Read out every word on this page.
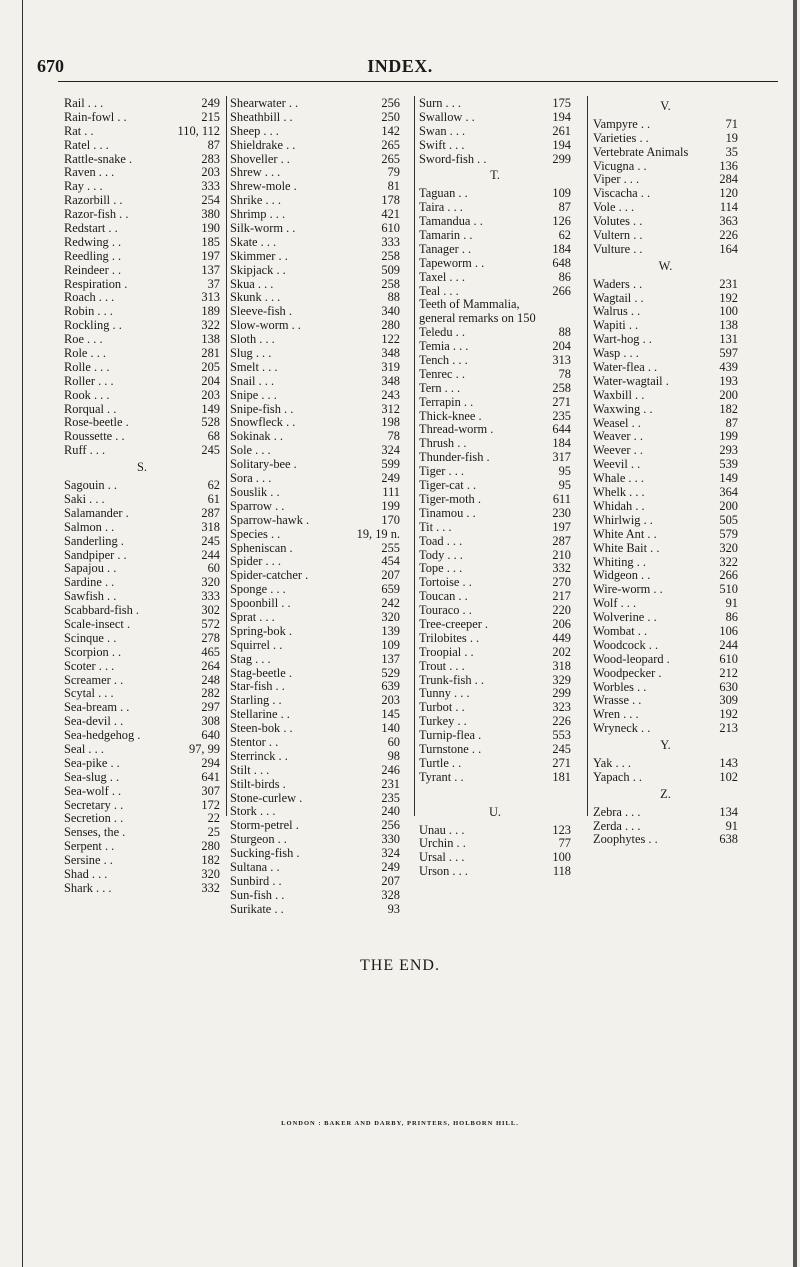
670	INDEX.
Rail . . .	249
Rain-fowl . .	215
Rat . .	110, 112
Ratel . . .	87
Rattle-snake .	283
Raven . . .	203
Ray . . .	333
Razorbill . .	254
Razor-fish . .	380
Redstart . .	190
Redwing . .	185
Reedling . .	197
Reindeer . .	137
Respiration .	37
Roach . . .	313
Robin . . .	189
Rockling . .	322
Roe . . .	138
Role . . .	281
Rolle . . .	205
Roller . . .	204
Rook . . .	203
Rorqual . .	149
Rose-beetle .	528
Roussette . .	68
Ruff . . .	245
S.
Sagouin . .	62
Saki . . .	61
Salamander .	287
Salmon . .	318
Sanderling .	245
Sandpiper . .	244
Sapajou . .	60
Sardine . .	320
Sawfish . .	333
Scabbard-fish .	302
Scale-insect .	572
Scinque . .	278
Scorpion . .	465
Scoter . . .	264
Screamer . .	248
Scytal . . .	282
Sea-bream . .	297
Sea-devil . .	308
Sea-hedgehog .	640
Seal . . .	97, 99
Sea-pike . .	294
Sea-slug . .	641
Sea-wolf . .	307
Secretary . .	172
Secretion . .	22
Senses, the .	25
Serpent . .	280
Sersine . .	182
Shad . . .	320
Shark . . .	332
Shearwater . .	256
Sheathbill . .	250
Sheep . . .	142
Shieldrake . .	265
Shoveller . .	265
Shrew . . .	79
Shrew-mole .	81
Shrike . . .	178
Shrimp . . .	421
Silk-worm . .	610
Skate . . .	333
Skimmer . .	258
Skipjack . .	509
Skua . . .	258
Skunk . . .	88
Sleeve-fish .	340
Slow-worm . .	280
Sloth . . .	122
Slug . . .	348
Smelt . . .	319
Snail . . .	348
Snipe . . .	243
Snipe-fish . .	312
Snowfleck . .	198
Sokinak . .	78
Sole . . .	324
Solitary-bee .	599
Sora . . .	249
Souslik . .	111
Sparrow . .	199
Sparrow-hawk .	170
Species . .	19, 19 n.
Spheniscan .	255
Spider . . .	454
Spider-catcher .	207
Sponge . . .	659
Spoonbill . .	242
Sprat . . .	320
Spring-bok .	139
Squirrel . .	109
Stag . . .	137
Stag-beetle .	529
Star-fish . .	639
Starling . .	203
Stellarine . .	145
Steen-bok . .	140
Stentor . .	60
Sterrinck . .	98
Stilt . . .	246
Stilt-birds .	231
Stone-curlew .	235
Stork . . .	240
Storm-petrel .	256
Sturgeon . .	330
Sucking-fish .	324
Sultana . .	249
Sunbird . .	207
Sun-fish . .	328
Surikate . .	93
Surn . . .	175
Swallow . .	194
Swan . . .	261
Swift . . .	194
Sword-fish . .	299
T.
Taguan . .	109
Taira . . .	87
Tamandua . .	126
Tamarin . .	62
Tanager . .	184
Tapeworm . .	648
Taxel . . .	86
Teal . . .	266
Teeth of Mammalia,
general remarks on 150
Teledu . .	88
Temia . . .	204
Tench . . .	313
Tenrec . .	78
Tern . . .	258
Terrapin . .	271
Thick-knee .	235
Thread-worm .	644
Thrush . .	184
Thunder-fish .	317
Tiger . . .	95
Tiger-cat . .	95
Tiger-moth .	611
Tinamou . .	230
Tit . . .	197
Toad . . .	287
Tody . . .	210
Tope . . .	332
Tortoise . .	270
Toucan . .	217
Touraco . .	220
Tree-creeper .	206
Trilobites . .	449
Troopial . .	202
Trout . . .	318
Trunk-fish . .	329
Tunny . . .	299
Turbot . .	323
Turkey . .	226
Turnip-flea .	553
Turnstone . .	245
Turtle . .	271
Tyrant . .	181
U.
Unau . . .	123
Urchin . .	77
Ursal . . .	100
Urson . . .	118
V.
Vampyre . .	71
Varieties . .	19
Vertebrate Animals	35
Vicugna . .	136
Viper . . .	284
Viscacha . .	120
Vole . . .	114
Volutes . .	363
Vultern . .	226
Vulture . .	164
W.
Waders . .	231
Wagtail . .	192
Walrus . .	100
Wapiti . .	138
Wart-hog . .	131
Wasp . . .	597
Water-flea . .	439
Water-wagtail .	193
Waxbill . .	200
Waxwing . .	182
Weasel . .	87
Weaver . .	199
Weever . .	293
Weevil . .	539
Whale . . .	149
Whelk . . .	364
Whidah . .	200
Whirlwig . .	505
White Ant . .	579
White Bait . .	320
Whiting . .	322
Widgeon . .	266
Wire-worm . .	510
Wolf . . .	91
Wolverine . .	86
Wombat . .	106
Woodcock . .	244
Wood-leopard .	610
Woodpecker .	212
Worbles . .	630
Wrasse . .	309
Wren . . .	192
Wryneck . .	213
Y.
Yak . . .	143
Yapach . .	102
Z.
Zebra . . .	134
Zerda . . .	91
Zoophytes . .	638
THE END.
LONDON : BAKER AND DARBY, PRINTERS, HOLBORN HILL.
